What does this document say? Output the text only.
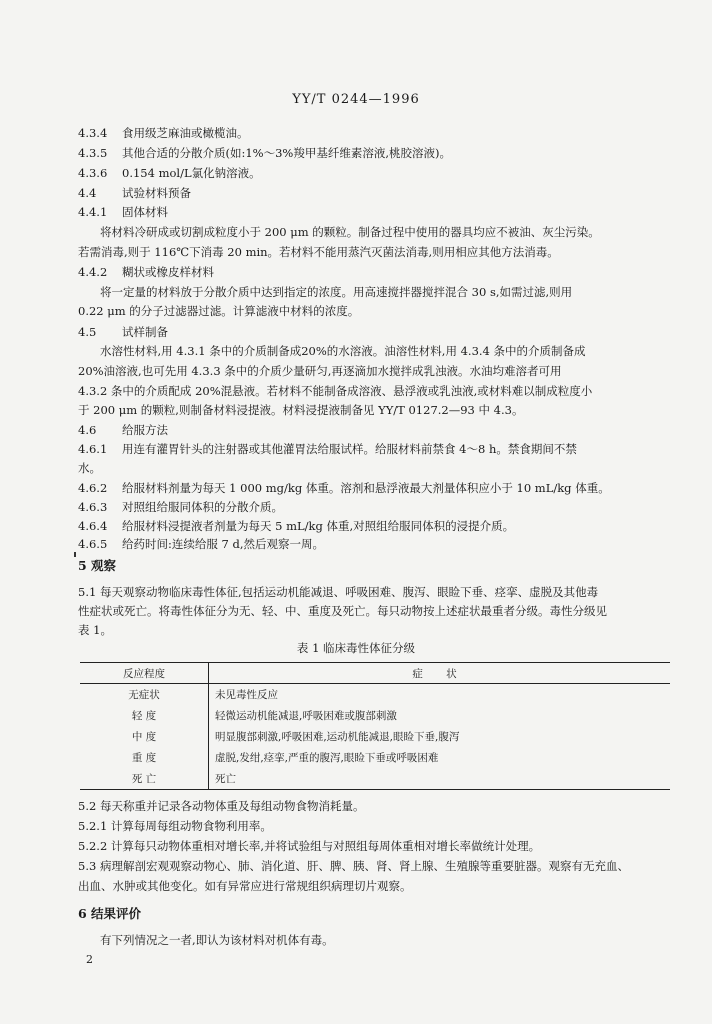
YY/T 0244—1996
4.3.4 食用级芝麻油或橄榄油。
4.3.5 其他合适的分散介质(如:1%～3%羧甲基纤维素溶液,桃胶溶液)。
4.3.6 0.154 mol/L氯化钠溶液。
4.4 试验材料预备
4.4.1 固体材料
将材料冷研成或切割成粒度小于 200 μm 的颗粒。制备过程中使用的器具均应不被油、灰尘污染。
若需消毒,则于 116℃下消毒 20 min。若材料不能用蒸汽灭菌法消毒,则用相应其他方法消毒。
4.4.2 糊状或橡皮样材料
将一定量的材料放于分散介质中达到指定的浓度。用高速搅拌器搅拌混合 30 s,如需过滤,则用
0.22 μm 的分子过滤器过滤。计算滤液中材料的浓度。
4.5 试样制备
水溶性材料,用 4.3.1 条中的介质制备成20%的水溶液。油溶性材料,用 4.3.4 条中的介质制备成
20%油溶液,也可先用 4.3.3 条中的介质少量研匀,再逐滴加水搅拌成乳浊液。水油均难溶者可用
4.3.2 条中的介质配成 20%混悬液。若材料不能制备成溶液、悬浮液或乳浊液,或材料难以制成粒度小
于 200 μm 的颗粒,则制备材料浸提液。材料浸提液制备见 YY/T 0127.2—93 中 4.3。
4.6 给服方法
4.6.1 用连有灌胃针头的注射器或其他灌胃法给服试样。给服材料前禁食 4～8 h。禁食期间不禁
水。
4.6.2 给服材料剂量为每天 1 000 mg/kg 体重。溶剂和悬浮液最大剂量体积应小于 10 mL/kg 体重。
4.6.3 对照组给服同体积的分散介质。
4.6.4 给服材料浸提液者剂量为每天 5 mL/kg 体重,对照组给服同体积的浸提介质。
4.6.5 给药时间:连续给服 7 d,然后观察一周。
5 观察
5.1 每天观察动物临床毒性体征,包括运动机能减退、呼吸困难、腹泻、眼睑下垂、痉挛、虚脱及其他毒
性症状或死亡。将毒性体征分为无、轻、中、重度及死亡。每只动物按上述症状最重者分级。毒性分级见
表 1。
表 1 临床毒性体征分级
反应程度	症 状
无症状	未见毒性反应
轻 度	轻微运动机能减退,呼吸困难或腹部刺激
中 度	明显腹部刺激,呼吸困难,运动机能减退,眼睑下垂,腹泻
重 度	虚脱,发绀,痉挛,严重的腹泻,眼睑下垂或呼吸困难
死 亡	死亡
5.2 每天称重并记录各动物体重及每组动物食物消耗量。
5.2.1 计算每周每组动物食物利用率。
5.2.2 计算每只动物体重相对增长率,并将试验组与对照组每周体重相对增长率做统计处理。
5.3 病理解剖宏观观察动物心、肺、消化道、肝、脾、胰、肾、肾上腺、生殖腺等重要脏器。观察有无充血、
出血、水肿或其他变化。如有异常应进行常规组织病理切片观察。
6 结果评价
有下列情况之一者,即认为该材料对机体有毒。
2
